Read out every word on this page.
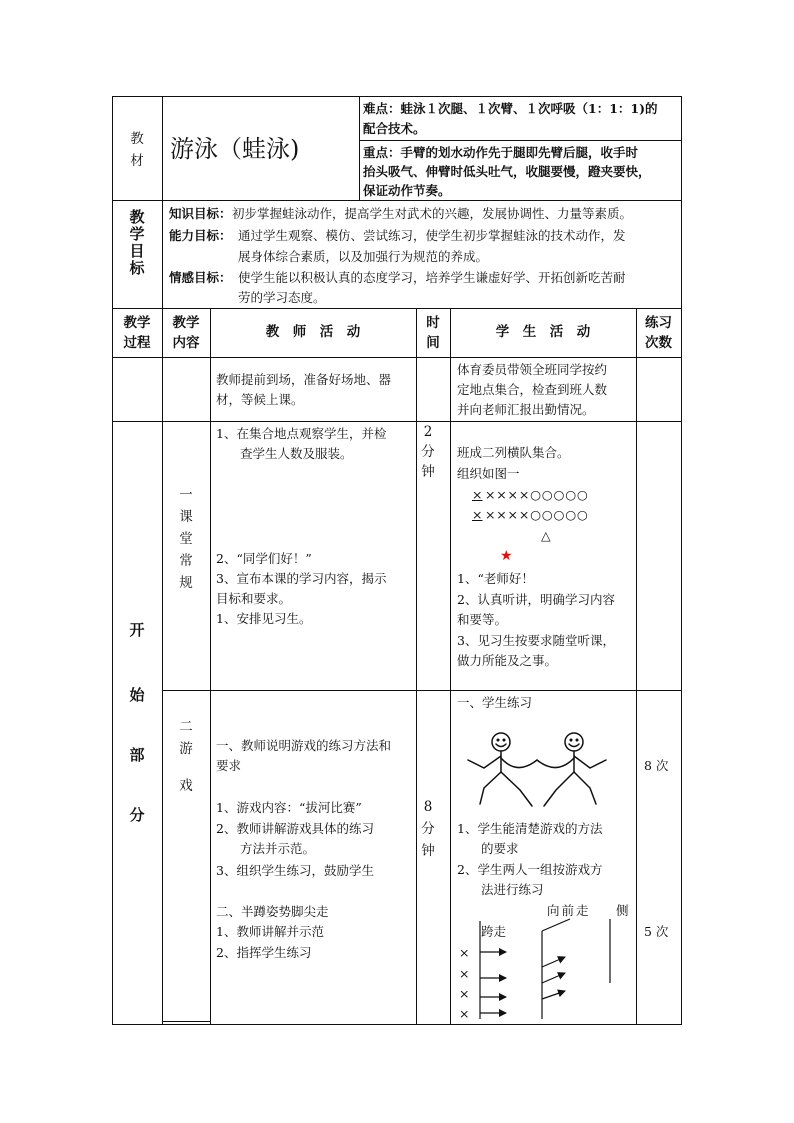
教
材	游泳（蛙泳)
难点：蛙泳１次腿、１次臂、１次呼吸（1：1：1)的
配合技术。
重点：手臂的划水动作先于腿即先臂后腿，收手时
抬头吸气、伸臂时低头吐气，收腿要慢，蹬夹要快，
保证动作节奏。
教
学
目
标
知识目标： 初步掌握蛙泳动作，提高学生对武术的兴趣，发展协调性、力量等素质。
能力目标： 通过学生观察、模仿、尝试练习，使学生初步掌握蛙泳的技术动作，发
展身体综合素质，以及加强行为规范的养成。
情感目标： 使学生能以积极认真的态度学习，培养学生谦虚好学、开拓创新吃苦耐
劳的学习态度。
教学
过程
教学
内容
教　师　活　动
时
间
学　生　活　动
练习
次数
教师提前到场，准备好场地、器
材，等候上课。
体育委员带领全班同学按约
定地点集合，检查到班人数
并向老师汇报出勤情况。
开
始
部
分
一
课
堂
常
规
1、在集合地点观察学生，并检
查学生人数及服装。
2、“同学们好！”
3、宣布本课的学习内容，揭示
目标和要求。
1、安排见习生。
2
分
钟
班成二列横队集合。
组织如图一
× ××××○○○○○
× ××××○○○○○
△
★
1、“老师好！
2、认真听讲，明确学习内容
和要等。
3、见习生按要求随堂听课，
做力所能及之事。
二
游
戏
一、教师说明游戏的练习方法和
要求
1、游戏内容：“拔河比赛”
2、教师讲解游戏具体的练习
方法并示范。
3、组织学生练习，鼓励学生
二、半蹲姿势脚尖走
1、教师讲解并示范
2、指挥学生练习
8
分
钟
一、学生练习
1、学生能清楚游戏的方法
的要求
2、学生两人一组按游戏方
法进行练习
向前走 侧
跨走
×
×
×
×
8 次
5 次
